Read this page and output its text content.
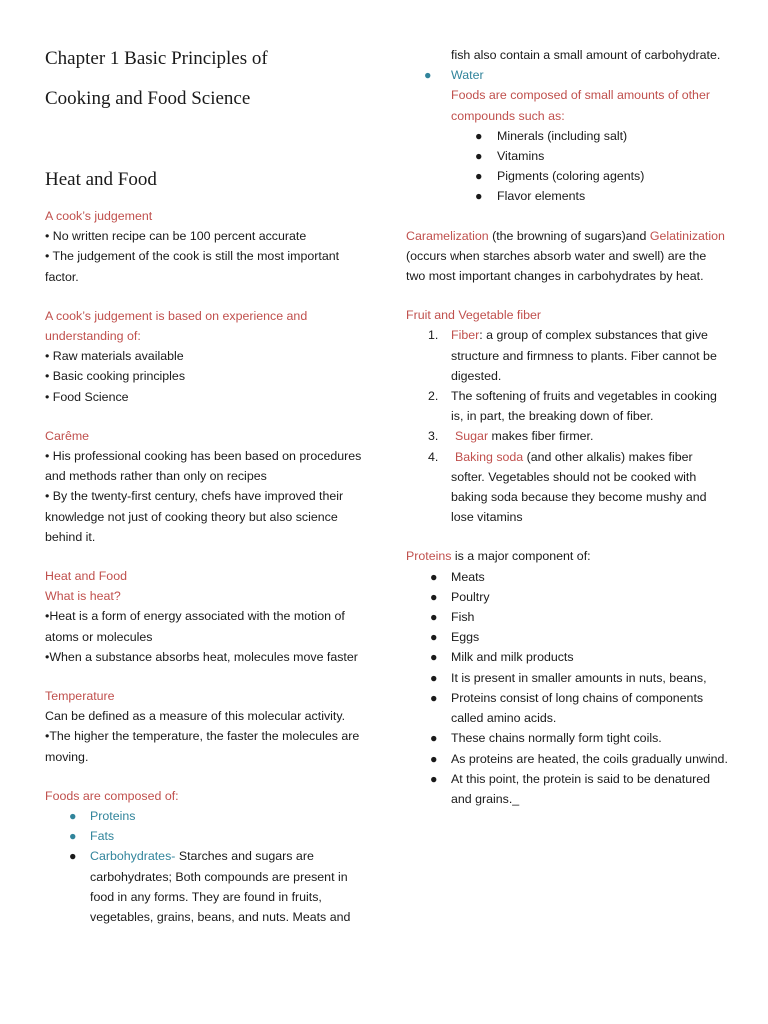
Chapter 1 Basic Principles of
Cooking and Food Science
Heat and Food

A cook’s judgement

• No written recipe can be 100 percent accurate

• The judgement of the cook is still the most important factor.

A cook’s judgement is based on experience and understanding of:

• Raw materials available

• Basic cooking principles

• Food Science

Carême

• His professional cooking has been based on procedures and methods rather than only on recipes

• By the twenty-first century, chefs have improved their knowledge not just of cooking theory but also science behind it.

Heat and Food

What is heat?

•Heat is a form of energy associated with the motion of atoms or molecules

•When a substance absorbs heat, molecules move faster

Temperature

Can be defined as a measure of this molecular activity.

•The higher the temperature, the faster the molecules are moving.

Foods are composed of:

● Proteins
● Fats
● Carbohydrates- Starches and sugars are carbohydrates; Both compounds are present in food in any forms. They are found in fruits, vegetables, grains, beans, and nuts. Meats and

fish also contain a small amount of carbohydrate.

● Water
Foods are composed of small amounts of other compounds such as:
● Minerals (including salt)
● Vitamins
● Pigments (coloring agents)
● Flavor elements

Caramelization (the browning of sugars)and Gelatinization (occurs when starches absorb water and swell) are the two most important changes in carbohydrates by heat.

Fruit and Vegetable fiber

1. Fiber: a group of complex substances that give structure and firmness to plants. Fiber cannot be digested.
2. The softening of fruits and vegetables in cooking is, in part, the breaking down of fiber.
3. Sugar makes fiber firmer.
4. Baking soda (and other alkalis) makes fiber softer. Vegetables should not be cooked with baking soda because they become mushy and lose vitamins

Proteins is a major component of:

● Meats
● Poultry
● Fish
● Eggs
● Milk and milk products
● It is present in smaller amounts in nuts, beans,
● Proteins consist of long chains of components called amino acids.
● These chains normally form tight coils.
● As proteins are heated, the coils gradually unwind.
● At this point, the protein is said to be denatured and grains._
